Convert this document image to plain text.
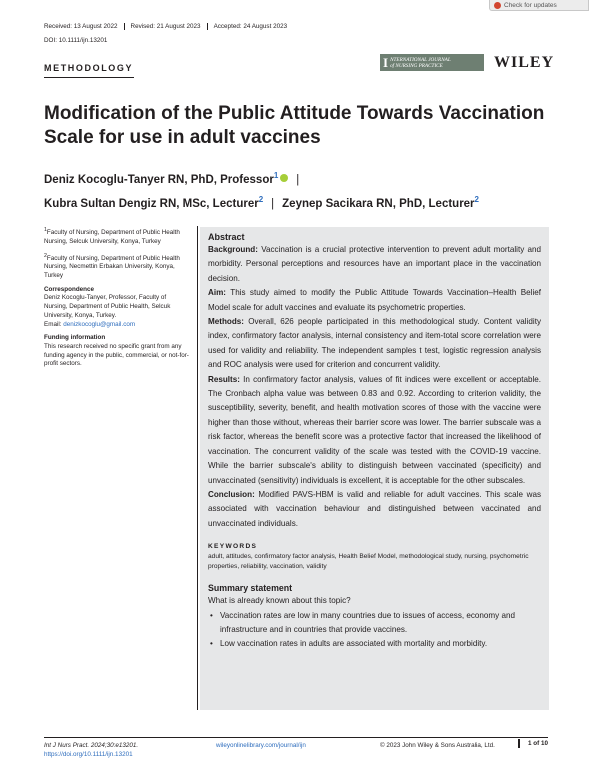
Check for updates
Received: 13 August 2022	Revised: 21 August 2023	Accepted: 24 August 2023
DOI: 10.1111/ijn.13201
METHODOLOGY	I NTERNATIONAL JOURNAL
of NURSING PRACTICE	WILEY
Modification of the Public Attitude Towards Vaccination Scale for use in adult vaccines
Deniz Kocoglu-Tanyer RN, PhD, Professor$^1$ |
Kubra Sultan Dengiz RN, MSc, Lecturer$^2$ | Zeynep Sacikara RN, PhD, Lecturer$^2$

$^1$Faculty of Nursing, Department of Public Health Nursing, Selcuk University, Konya, Turkey

$^2$Faculty of Nursing, Department of Public Health Nursing, Necmettin Erbakan University, Konya, Turkey

Correspondence

Deniz Kocoglu-Tanyer, Professor, Faculty of Nursing, Department of Public Health, Selcuk University, Konya, Turkey.
Email: denizkocoglu@gmail.com

Funding information

This research received no specific grant from any funding agency in the public, commercial, or not-for-profit sectors.

Abstract

Background: Vaccination is a crucial protective intervention to prevent adult mortality and morbidity. Personal perceptions and resources have an important place in the vaccination decision.

Aim: This study aimed to modify the Public Attitude Towards Vaccination–Health Belief Model scale for adult vaccines and evaluate its psychometric properties.

Methods: Overall, 626 people participated in this methodological study. Content validity index, confirmatory factor analysis, internal consistency and item-total score correlation were used for validity and reliability. The independent samples t test, logistic regression analysis and ROC analysis were used for criterion and concurrent validity.

Results: In confirmatory factor analysis, values of fit indices were excellent or acceptable. The Cronbach alpha value was between 0.83 and 0.92. According to criterion validity, the susceptibility, severity, benefit, and health motivation scores of those with the vaccine were higher than those without, whereas their barrier score was lower. The barrier subscale was a risk factor, whereas the benefit score was a protective factor that increased the likelihood of vaccination. The concurrent validity of the scale was tested with the COVID-19 vaccine. While the barrier subscale's ability to distinguish between vaccinated (specificity) and unvaccinated (sensitivity) individuals is excellent, it is acceptable for the other subscales.

Conclusion: Modified PAVS-HBM is valid and reliable for adult vaccines. This scale was associated with vaccination behaviour and distinguished between vaccinated and unvaccinated individuals.

KEYWORDS

adult, attitudes, confirmatory factor analysis, Health Belief Model, methodological study, nursing, psychometric properties, reliability, vaccination, validity

Summary statement

What is already known about this topic?

• Vaccination rates are low in many countries due to issues of access, economy and infrastructure and in countries that provide vaccines.
• Low vaccination rates in adults are associated with mortality and morbidity.
Int J Nurs Pract. 2024;30:e13201.
https://doi.org/10.1111/ijn.13201
wileyonlinelibrary.com/journal/ijn	© 2023 John Wiley & Sons Australia, Ltd.	1 of 10
